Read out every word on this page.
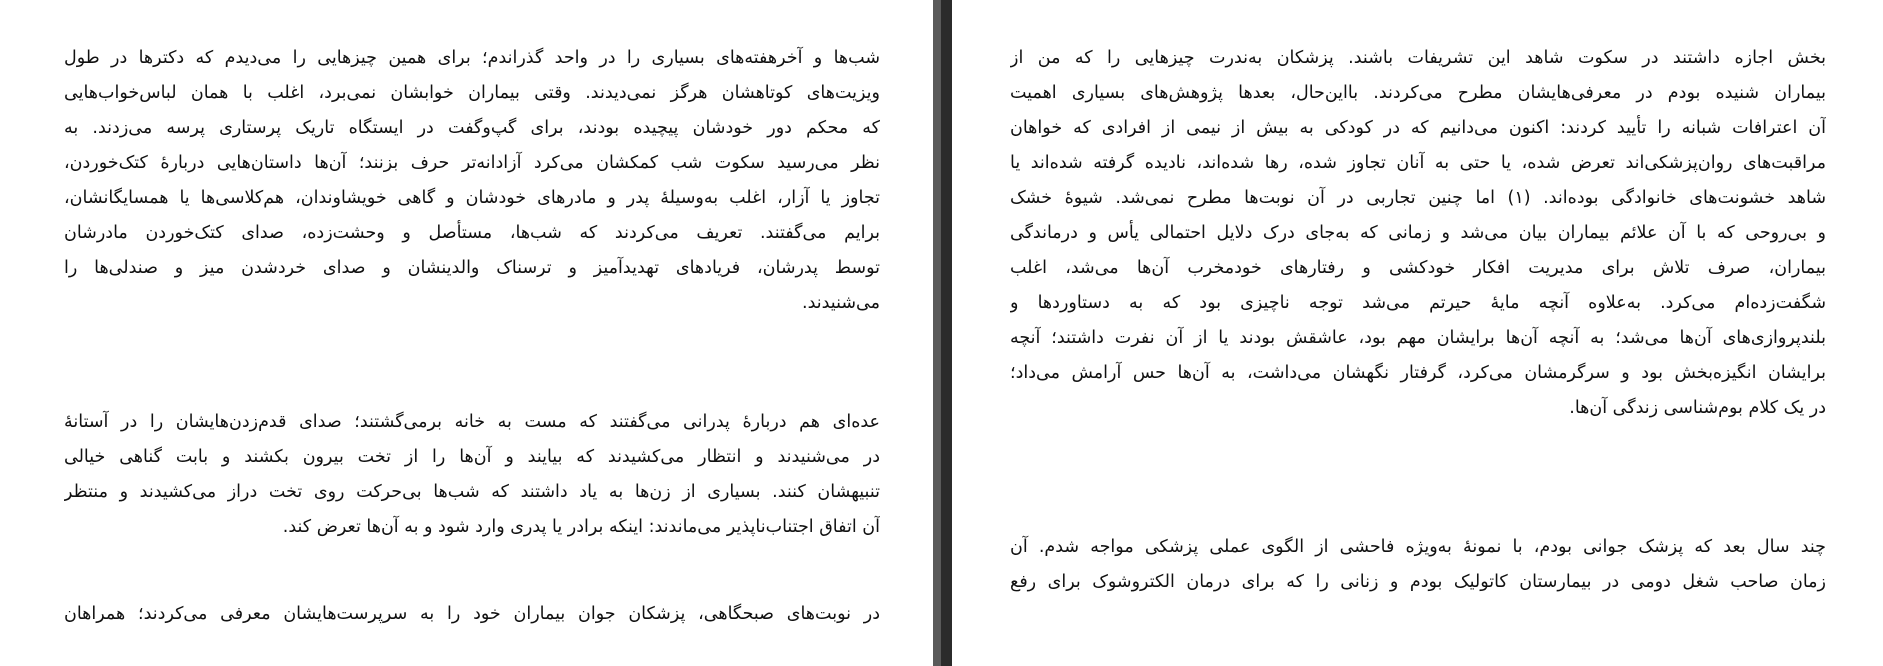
شب‌ها و آخرهفته‌های بسیاری را در واحد گذراندم؛ برای همین چیزهایی را می‌دیدم که دکترها در طول
ویزیت‌های کوتاهشان هرگز نمی‌دیدند. وقتی بیماران خوابشان نمی‌برد، اغلب با همان لباس‌خواب‌هایی
که محکم دور خودشان پیچیده بودند، برای گپ‌وگفت در ایستگاه تاریک پرستاری پرسه می‌زدند. به
نظر می‌رسید سکوت شب کمکشان می‌کرد آزادانه‌تر حرف بزنند؛ آن‌ها داستان‌هایی دربارهٔ کتک‌خوردن،
تجاوز یا آزار، اغلب به‌وسیلهٔ پدر و مادرهای خودشان و گاهی خویشاوندان، هم‌کلاسی‌ها یا همسایگانشان،
برایم می‌گفتند. تعریف می‌کردند که شب‌ها، مستأصل و وحشت‌زده، صدای کتک‌خوردن مادرشان
توسط پدرشان، فریادهای تهدیدآمیز و ترسناک والدینشان و صدای خردشدن میز و صندلی‌ها را
می‌شنیدند.
عده‌ای هم دربارهٔ پدرانی می‌گفتند که مست به خانه برمی‌گشتند؛ صدای قدم‌زدن‌هایشان را در آستانهٔ
در می‌شنیدند و انتظار می‌کشیدند که بیایند و آن‌ها را از تخت بیرون بکشند و بابت گناهی خیالی
تنبیهشان کنند. بسیاری از زن‌ها به یاد داشتند که شب‌ها بی‌حرکت روی تخت دراز می‌کشیدند و منتظر
آن اتفاق اجتناب‌ناپذیر می‌ماندند: اینکه برادر یا پدری وارد شود و به آن‌ها تعرض کند.
در نوبت‌های صبحگاهی، پزشکان جوان بیماران خود را به سرپرست‌هایشان معرفی می‌کردند؛ همراهان
بخش اجازه داشتند در سکوت شاهد این تشریفات باشند. پزشکان به‌ندرت چیزهایی را که من از
بیماران شنیده بودم در معرفی‌هایشان مطرح می‌کردند. بااین‌حال، بعدها پژوهش‌های بسیاری اهمیت
آن اعترافات شبانه را تأیید کردند: اکنون می‌دانیم که در کودکی به بیش از نیمی از افرادی که خواهان
مراقبت‌های روان‌پزشکی‌اند تعرض شده، یا حتی به آنان تجاوز شده، رها شده‌اند، نادیده گرفته شده‌اند یا
شاهد خشونت‌های خانوادگی بوده‌اند. (۱) اما چنین تجاربی در آن نوبت‌ها مطرح نمی‌شد. شیوهٔ خشک
و بی‌روحی که با آن علائم بیماران بیان می‌شد و زمانی که به‌جای درک دلایل احتمالی یأس و درماندگی
بیماران، صرف تلاش برای مدیریت افکار خودکشی و رفتارهای خودمخرب آن‌ها می‌شد، اغلب
شگفت‌زده‌ام می‌کرد. به‌علاوه آنچه مایهٔ حیرتم می‌شد توجه ناچیزی بود که به دستاوردها و
بلندپروازی‌های آن‌ها می‌شد؛ به آنچه آن‌ها برایشان مهم بود، عاشقش بودند یا از آن نفرت داشتند؛ آنچه
برایشان انگیزه‌بخش بود و سرگرمشان می‌کرد، گرفتار نگهشان می‌داشت، به آن‌ها حس آرامش می‌داد؛
در یک کلام بوم‌شناسی زندگی آن‌ها.
چند سال بعد که پزشک جوانی بودم، با نمونهٔ به‌ویژه فاحشی از الگوی عملی پزشکی مواجه شدم. آن
زمان صاحب شغل دومی در بیمارستان کاتولیک بودم و زنانی را که برای درمان الکتروشوک برای رفع
